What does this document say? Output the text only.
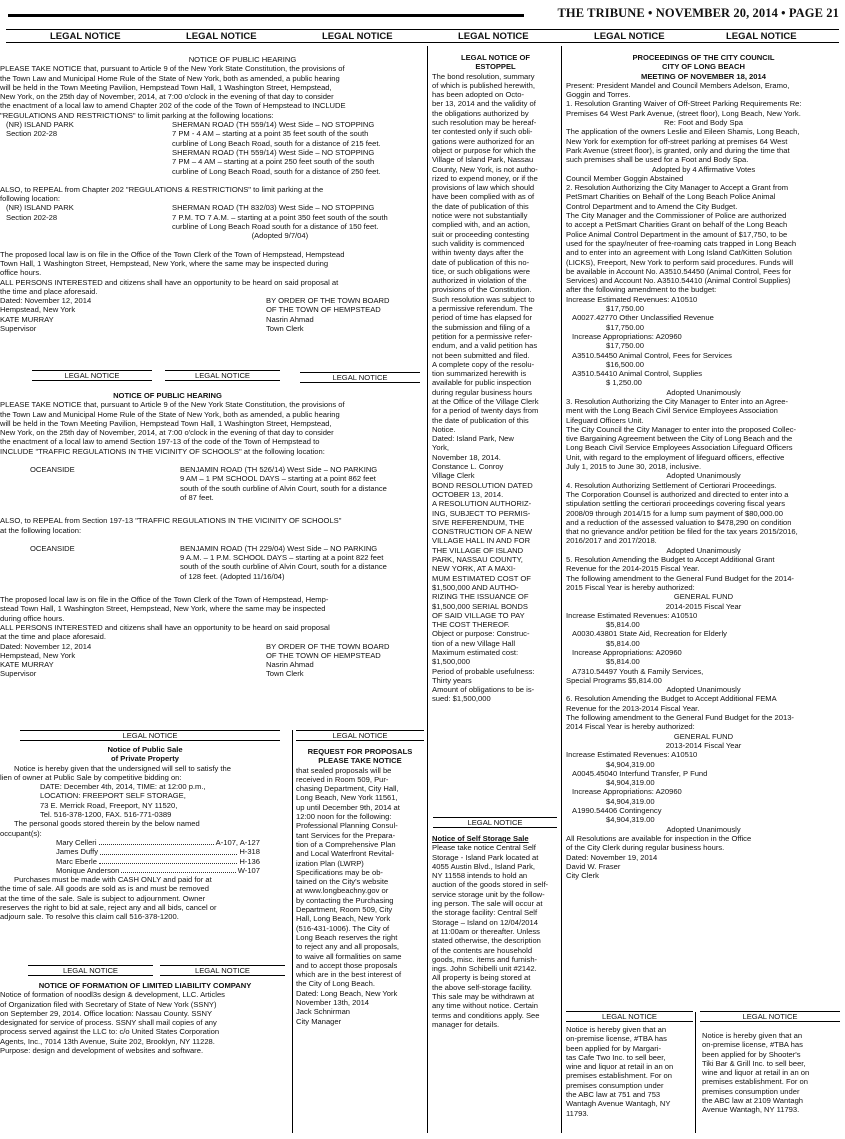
THE TRIBUNE • NOVEMBER 20, 2014 • PAGE 21
LEGAL NOTICE	LEGAL NOTICE	LEGAL NOTICE	LEGAL NOTICE	LEGAL NOTICE	LEGAL NOTICE

NOTICE OF PUBLIC HEARING

PLEASE TAKE NOTICE that, pursuant to Article 9 of the New York State Constitution, the provisions of

the Town Law and Municipal Home Rule of the State of New York, both as amended, a public hearing

will be held in the Town Meeting Pavilion, Hempstead Town Hall, 1 Washington Street, Hempstead,

New York, on the 25th day of November, 2014, at 7:00 o'clock in the evening of that day to consider

the enactment of a local law to amend Chapter 202 of the code of the Town of Hempstead to INCLUDE

"REGULATIONS AND RESTRICTIONS" to limit parking at the following locations:

(NR) ISLAND PARK

Section 202-28

SHERMAN ROAD (TH 559/14) West Side – NO STOPPING

7 PM - 4 AM – starting at a point 35 feet south of the south

curbline of Long Beach Road, south for a distance of 215 feet.

SHERMAN ROAD (TH 559/14) West Side – NO STOPPING

7 PM – 4 AM – starting at a point 250 feet south of the south

curbline of Long Beach Road, south for a distance of 250 feet.

ALSO, to REPEAL from Chapter 202 "REGULATIONS & RESTRICTIONS" to limit parking at the

following location:

(NR) ISLAND PARK

Section 202-28

SHERMAN ROAD (TH 832/03) West Side – NO STOPPING

7 P.M. TO 7 A.M. – starting at a point 350 feet south of the south

curbline of Long Beach Road south for a distance of 150 feet.

(Adopted 9/7/04)

The proposed local law is on file in the Office of the Town Clerk of the Town of Hempstead, Hempstead

Town Hall, 1 Washington Street, Hempstead, New York, where the same may be inspected during

office hours.

ALL PERSONS INTERESTED and citizens shall have an opportunity to be heard on said proposal at

the time and place aforesaid.

Dated: November 12, 2014

Hempstead, New York

KATE MURRAY

Supervisor

BY ORDER OF THE TOWN BOARD

OF THE TOWN OF HEMPSTEAD

Nasrin Ahmad

Town Clerk

LEGAL NOTICE	LEGAL NOTICE	LEGAL NOTICE

NOTICE OF PUBLIC HEARING

PLEASE TAKE NOTICE that, pursuant to Article 9 of the New York State Constitution, the provisions of

the Town Law and Municipal Home Rule of the State of New York, both as amended, a public hearing

will be held in the Town Meeting Pavilion, Hempstead Town Hall, 1 Washington Street, Hempstead,

New York, on the 25th day of November, 2014, at 7:00 o'clock in the evening of that day to consider

the enactment of a local law to amend Section 197-13 of the code of the Town of Hempstead to

INCLUDE "TRAFFIC REGULATIONS IN THE VICINITY OF SCHOOLS" at the following location:

OCEANSIDE	BENJAMIN ROAD (TH 526/14) West Side – NO PARKING

9 AM – 1 PM SCHOOL DAYS – starting at a point 862 feet

south of the south curbline of Alvin Court, south for a distance

of 87 feet.

ALSO, to REPEAL from Section 197-13 "TRAFFIC REGULATIONS IN THE VICINITY OF SCHOOLS"

at the following location:

OCEANSIDE	BENJAMIN ROAD (TH 229/04) West Side – NO PARKING

9 A.M. – 1 P.M. SCHOOL DAYS – starting at a point 822 feet

south of the south curbline of Alvin Court, south for a distance

of 128 feet. (Adopted 11/16/04)

The proposed local law is on file in the Office of the Town Clerk of the Town of Hempstead, Hemp-

stead Town Hall, 1 Washington Street, Hempstead, New York, where the same may be inspected

during office hours.

ALL PERSONS INTERESTED and citizens shall have an opportunity to be heard on said proposal

at the time and place aforesaid.

Dated: November 12, 2014

Hempstead, New York

KATE MURRAY

Supervisor

BY ORDER OF THE TOWN BOARD

OF THE TOWN OF HEMPSTEAD

Nasrin Ahmad

Town Clerk

LEGAL NOTICE	LEGAL NOTICE

Notice of Public Sale

of Private Property

Notice is hereby given that the undersigned will sell to satisfy the

lien of owner at Public Sale by competitive bidding on:

DATE: December 4th, 2014, TIME: at 12:00 p.m.,

LOCATION: FREEPORT SELF STORAGE,

73 E. Merrick Road, Freeport, NY 11520,

Tel. 516-378-1200, FAX. 516-771-0389

The personal goods stored therein by the below named

occupant(s):

Mary Celleri	A-107, A-127
James Duffy	H-318
Marc Eberle	H-136
Monique Anderson	W-107

Purchases must be made with CASH ONLY and paid for at

the time of sale. All goods are sold as is and must be removed

at the time of the sale. Sale is subject to adjournment. Owner

reserves the right to bid at sale, reject any and all bids, cancel or

adjourn sale. To resolve this claim call 516-378-1200.

LEGAL NOTICE	LEGAL NOTICE

NOTICE OF FORMATION OF LIMITED LIABILITY COMPANY

Notice of formation of noodl3s design & development, LLC. Articles

of Organization filed with Secretary of State of New York (SSNY)

on September 29, 2014. Office location: Nassau County. SSNY

designated for service of process. SSNY shall mail copies of any

process served against the LLC to: c/o United States Corporation

Agents, Inc., 7014 13th Avenue, Suite 202, Brooklyn, NY 11228.

Purpose: design and development of websites and software.

REQUEST FOR PROPOSALS

PLEASE TAKE NOTICE

that sealed proposals will be

received in Room 509, Pur-

chasing Department, City Hall,

Long Beach, New York 11561,

up until December 9th, 2014 at

12:00 noon for the following:

Professional Planning Consul-

tant Services for the Prepara-

tion of a Comprehensive Plan

and Local Waterfront Revital-

ization Plan (LWRP)

Specifications may be ob-

tained on the City's website

at www.longbeachny.gov or

by contacting the Purchasing

Department, Room 509, City

Hall, Long Beach, New York

(516-431-1006). The City of

Long Beach reserves the right

to reject any and all proposals,

to waive all formalities on same

and to accept those proposals

which are in the best interest of

the City of Long Beach.

Dated: Long Beach, New York

November 13th, 2014

Jack Schnirman

City Manager

LEGAL NOTICE OF

ESTOPPEL

The bond resolution, summary

of which is published herewith,

has been adopted on Octo-

ber 13, 2014 and the validity of

the obligations authorized by

such resolution may be hereaf-

ter contested only if such obli-

gations were authorized for an

object or purpose for which the

Village of Island Park, Nassau

County, New York, is not autho-

rized to expend money, or if the

provisions of law which should

have been complied with as of

the date of publication of this

notice were not substantially

complied with, and an action,

suit or proceeding contesting

such validity is commenced

within twenty days after the

date of publication of this no-

tice, or such obligations were

authorized in violation of the

provisions of the Constitution.

Such resolution was subject to

a permissive referendum. The

period of time has elapsed for

the submission and filing of a

petition for a permissive refer-

endum, and a valid petition has

not been submitted and filed.

A complete copy of the resolu-

tion summarized herewith is

available for public inspection

during regular business hours

at the Office of the Village Clerk

for a period of twenty days from

the date of publication of this

Notice.

Dated: Island Park, New

York,

November 18, 2014.

Constance L. Conroy

Village Clerk

BOND RESOLUTION DATED

OCTOBER 13, 2014.

A RESOLUTION AUTHORIZ-

ING, SUBJECT TO PERMIS-

SIVE REFERENDUM, THE

CONSTRUCTION OF A NEW

VILLAGE HALL IN AND FOR

THE VILLAGE OF ISLAND

PARK, NASSAU COUNTY,

NEW YORK, AT A MAXI-

MUM ESTIMATED COST OF

$1,500,000 AND AUTHO-

RIZING THE ISSUANCE OF

$1,500,000 SERIAL BONDS

OF SAID VILLAGE TO PAY

THE COST THEREOF.

Object or purpose: Construc-

tion of a new Village Hall

Maximum estimated cost:

$1,500,000

Period of probable usefulness:

Thirty years

Amount of obligations to be is-

sued: $1,500,000

LEGAL NOTICE

Notice of Self Storage Sale

Please take notice Central Self

Storage - Island Park located at

4055 Austin Blvd., Island Park,

NY 11558 intends to hold an

auction of the goods stored in self-

service storage unit by the follow-

ing person. The sale will occur at

the storage facility: Central Self

Storage – Island on 12/04/2014

at 11:00am or thereafter. Unless

stated otherwise, the description

of the contents are household

goods, misc. items and furnish-

ings. John Schibelli unit #2142.

All property is being stored at

the above self-storage facility.

This sale may be withdrawn at

any time without notice. Certain

terms and conditions apply. See

manager for details.

PROCEEDINGS OF THE CITY COUNCIL

CITY OF LONG BEACH

MEETING OF NOVEMBER 18, 2014

Present: President Mandel and Council Members Adelson, Eramo,

Goggin and Torres.

1. Resolution Granting Waiver of Off-Street Parking Requirements Re:

Premises 64 West Park Avenue, (street floor), Long Beach, New York.

Re: Foot and Body Spa

The application of the owners Leslie and Eileen Shamis, Long Beach,

New York for exemption for off-street parking at premises 64 West

Park Avenue (street floor), is granted, only and during the time that

such premises shall be used for a Foot and Body Spa.

Adopted by 4 Affirmative Votes

Council Member Goggin Abstained

2. Resolution Authorizing the City Manager to Accept a Grant from

PetSmart Charities on Behalf of the Long Beach Police Animal

Control Department and to Amend the City Budget.

The City Manager and the Commissioner of Police are authorized

to accept a PetSmart Charities Grant on behalf of the Long Beach

Police Animal Control Department in the amount of $17,750, to be

used for the spay/neuter of free-roaming cats trapped in Long Beach

and to enter into an agreement with Long Island Cat/Kitten Solution

(LICKS), Freeport, New York to perform said procedures. Funds will

be available in Account No. A3510.54450 (Animal Control, Fees for

Services) and Account No. A3510.54410 (Animal Control Supplies)

after the following amendment to the budget:

Increase Estimated Revenues: A10510

$17,750.00

A0027.42770 Other Unclassified Revenue

$17,750.00

Increase Appropriations: A20960

$17,750.00

A3510.54450 Animal Control, Fees for Services

$16,500.00

A3510.54410 Animal Control, Supplies

$ 1,250.00

Adopted Unanimously

3. Resolution Authorizing the City Manager to Enter into an Agree-

ment with the Long Beach Civil Service Employees Association

Lifeguard Officers Unit.

The City Council the City Manager to enter into the proposed Collec-

tive Bargaining Agreement between the City of Long Beach and the

Long Beach Civil Service Employees Association Lifeguard Officers

Unit, with regard to the employment of lifeguard officers, effective

July 1, 2015 to June 30, 2018, inclusive.

Adopted Unanimously

4. Resolution Authorizing Settlement of Certiorari Proceedings.

The Corporation Counsel is authorized and directed to enter into a

stipulation settling the certiorari proceedings covering fiscal years

2008/09 through 2014/15 for a lump sum payment of $80,000.00

and a reduction of the assessed valuation to $478,290 on condition

that no grievance and/or petition be filed for the tax years 2015/2016,

2016/2017 and 2017/2018.

Adopted Unanimously

5. Resolution Amending the Budget to Accept Additional Grant

Revenue for the 2014-2015 Fiscal Year.

The following amendment to the General Fund Budget for the 2014-

2015 Fiscal Year is hereby authorized:

GENERAL FUND

2014-2015 Fiscal Year

Increase Estimated Revenues: A10510

$5,814.00

A0030.43801 State Aid, Recreation for Elderly

$5,814.00

Increase Appropriations: A20960

$5,814.00

A7310.54497 Youth & Family Services,

Special Programs $5,814.00

Adopted Unanimously

6. Resolution Amending the Budget to Accept Additional FEMA

Revenue for the 2013-2014 Fiscal Year.

The following amendment to the General Fund Budget for the 2013-

2014 Fiscal Year is hereby authorized:

GENERAL FUND

2013-2014 Fiscal Year

Increase Estimated Revenues: A10510

$4,904,319.00

A0045.45040 Interfund Transfer, P Fund

$4,904,319.00

Increase Appropriations: A20960

$4,904,319.00

A1990.54406 Contingency

$4,904,319.00

Adopted Unanimously

All Resolutions are available for inspection in the Office

of the City Clerk during regular business hours.

Dated: November 19, 2014

David W. Fraser

City Clerk

LEGAL NOTICE	LEGAL NOTICE

Notice is hereby given that an

on-premise license, #TBA has

been applied for by Margari-

tas Cafe Two Inc. to sell beer,

wine and liquor at retail in an on

premises establishment. For on

premises consumption under

the ABC law at 751 and 753

Wantagh Avenue Wantagh, NY

11793.

Notice is hereby given that an

on-premise license, #TBA has

been applied for by Shooter's

Tiki Bar & Grill Inc. to sell beer,

wine and liquor at retail in an on

premises establishment. For on

premises consumption under

the ABC law at 2109 Wantagh

Avenue Wantagh, NY 11793.
